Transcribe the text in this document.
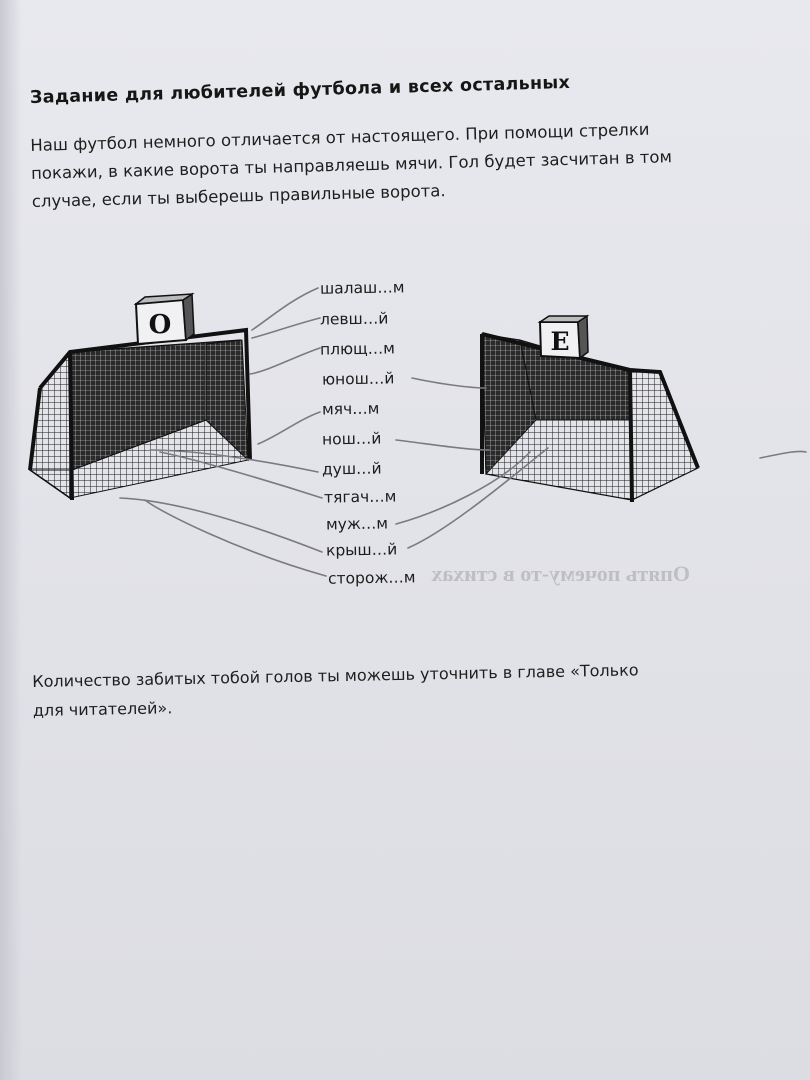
Опять почему-то в стихах
О
Е
Задание для любителей футбола и всех остальных
Наш футбол немного отличается от настоящего. При помощи стрелки
покажи, в какие ворота ты направляешь мячи. Гол будет засчитан в том
случае, если ты выберешь правильные ворота.
шалаш…м
левш…й
плющ…м
юнош…й
мяч…м
нош…й
душ…й
тягач…м
муж…м
крыш…й
сторож…м
Количество забитых тобой голов ты можешь уточнить в главе «Только
для читателей».
